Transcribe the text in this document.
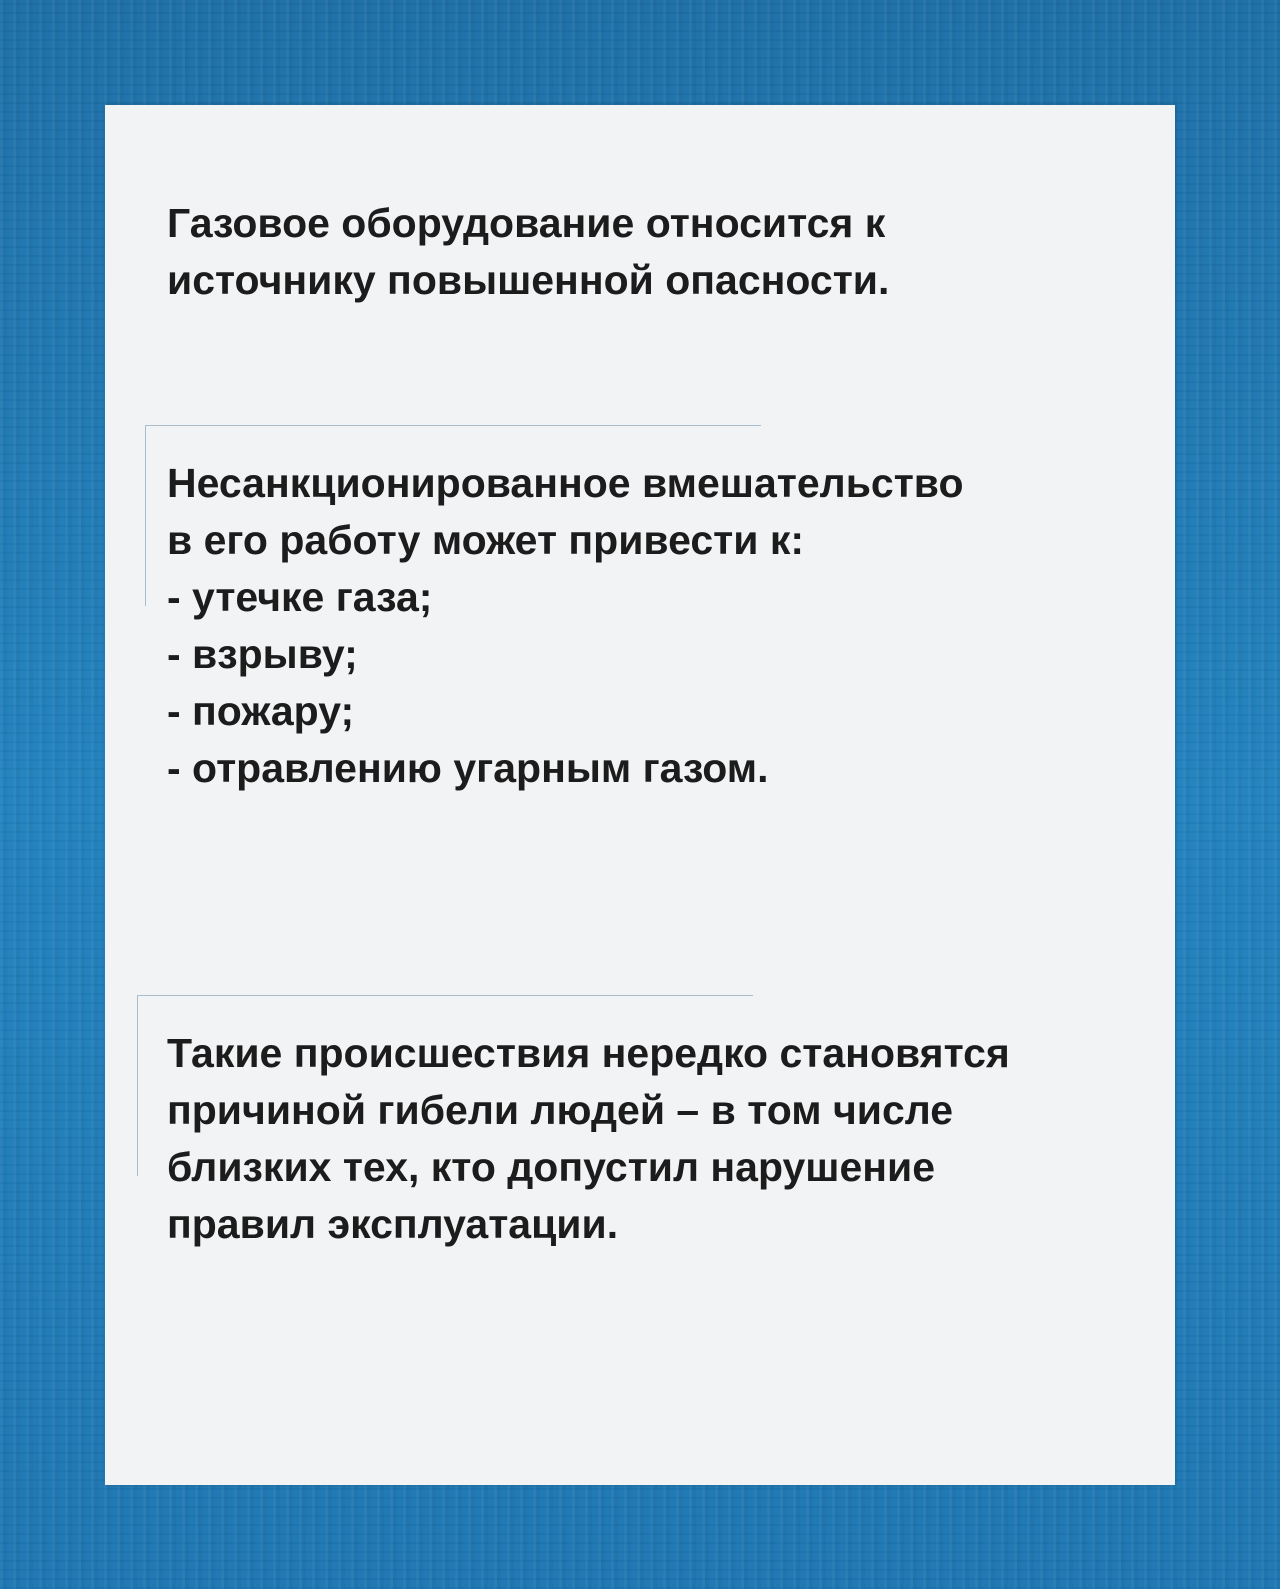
Газовое оборудование относится к
источнику повышенной опасности.

Несанкционированное вмешательство
в его работу может привести к:
- утечке газа;
- взрыву;
- пожару;
- отравлению угарным газом.

Такие происшествия нередко становятся
причиной гибели людей – в том числе
близких тех, кто допустил нарушение
правил эксплуатации.
